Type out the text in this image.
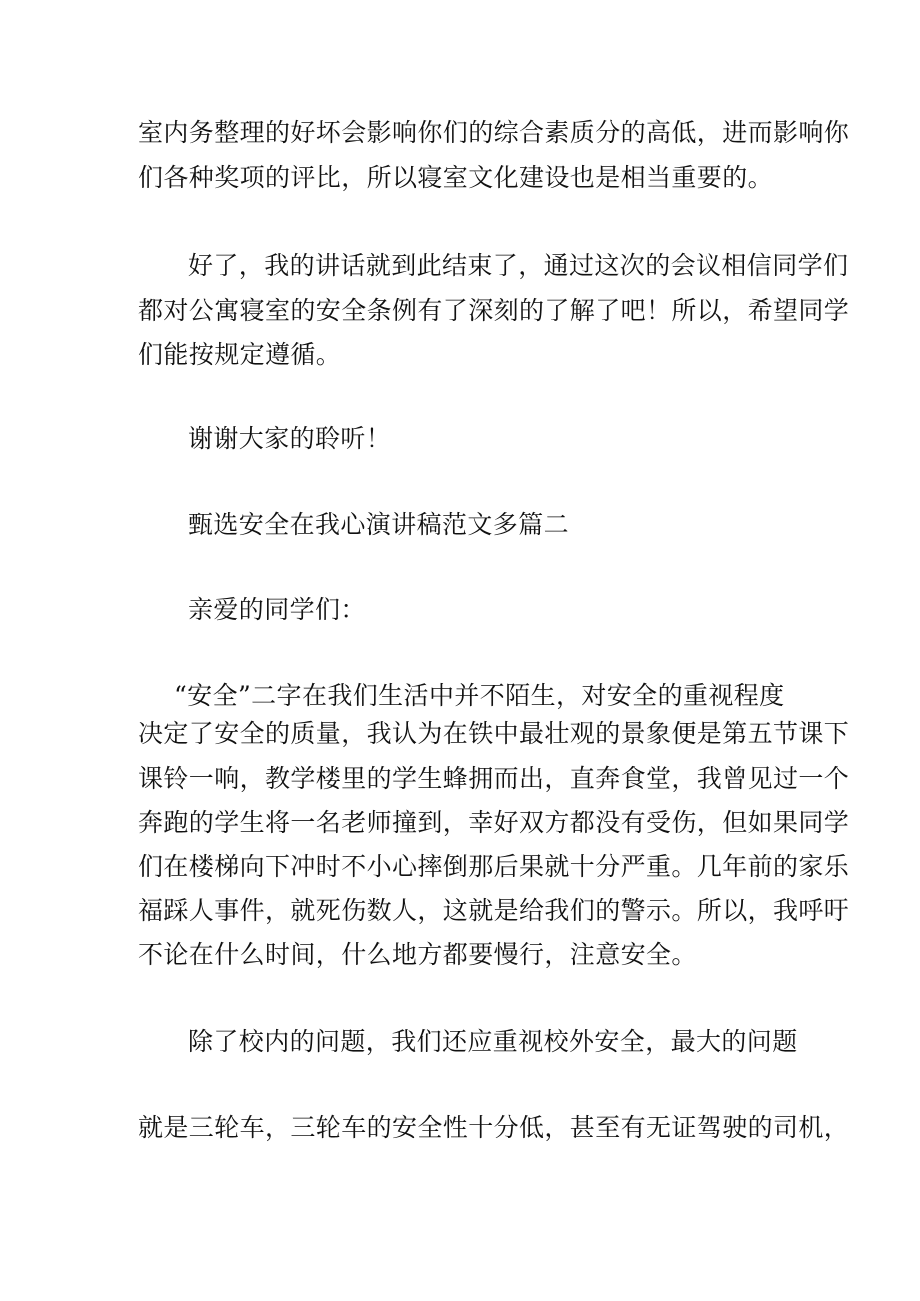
室内务整理的好坏会影响你们的综合素质分的高低，进而影响你
们各种奖项的评比，所以寝室文化建设也是相当重要的。
好了，我的讲话就到此结束了，通过这次的会议相信同学们
都对公寓寝室的安全条例有了深刻的了解了吧！所以，希望同学
们能按规定遵循。
谢谢大家的聆听！
甄选安全在我心演讲稿范文多篇二
亲爱的同学们：
“安全”二字在我们生活中并不陌生，对安全的重视程度
决定了安全的质量，我认为在铁中最壮观的景象便是第五节课下
课铃一响，教学楼里的学生蜂拥而出，直奔食堂，我曾见过一个
奔跑的学生将一名老师撞到，幸好双方都没有受伤，但如果同学
们在楼梯向下冲时不小心摔倒那后果就十分严重。几年前的家乐
福踩人事件，就死伤数人，这就是给我们的警示。所以，我呼吁
不论在什么时间，什么地方都要慢行，注意安全。
除了校内的问题，我们还应重视校外安全，最大的问题
就是三轮车，三轮车的安全性十分低，甚至有无证驾驶的司机，
